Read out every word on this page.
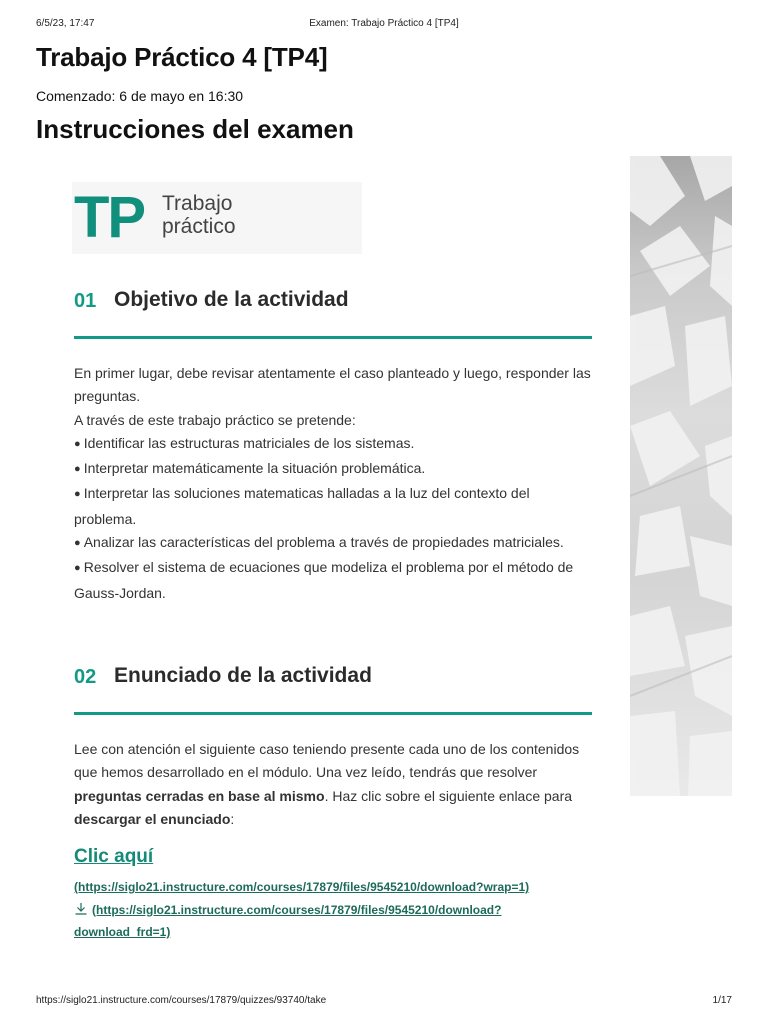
6/5/23, 17:47	Examen: Trabajo Práctico 4 [TP4]
Trabajo Práctico 4 [TP4]
Comenzado: 6 de mayo en 16:30
Instrucciones del examen
TP Trabajo
práctico
01 Objetivo de la actividad

En primer lugar, debe revisar atentamente el caso planteado y luego, responder las preguntas.

A través de este trabajo práctico se pretende:

● Identificar las estructuras matriciales de los sistemas.

● Interpretar matemáticamente la situación problemática.

● Interpretar las soluciones matematicas halladas a la luz del contexto del problema.

● Analizar las características del problema a través de propiedades matriciales.

● Resolver el sistema de ecuaciones que modeliza el problema por el método de Gauss-Jordan.

02 Enunciado de la actividad

Lee con atención el siguiente caso teniendo presente cada uno de los contenidos que hemos desarrollado en el módulo. Una vez leído, tendrás que resolver preguntas cerradas en base al mismo. Haz clic sobre el siguiente enlace para descargar el enunciado:

Clic aquí
(https://siglo21.instructure.com/courses/17879/files/9545210/download?wrap=1)
(https://siglo21.instructure.com/courses/17879/files/9545210/download?download_frd=1)
https://siglo21.instructure.com/courses/17879/quizzes/93740/take	1/17
